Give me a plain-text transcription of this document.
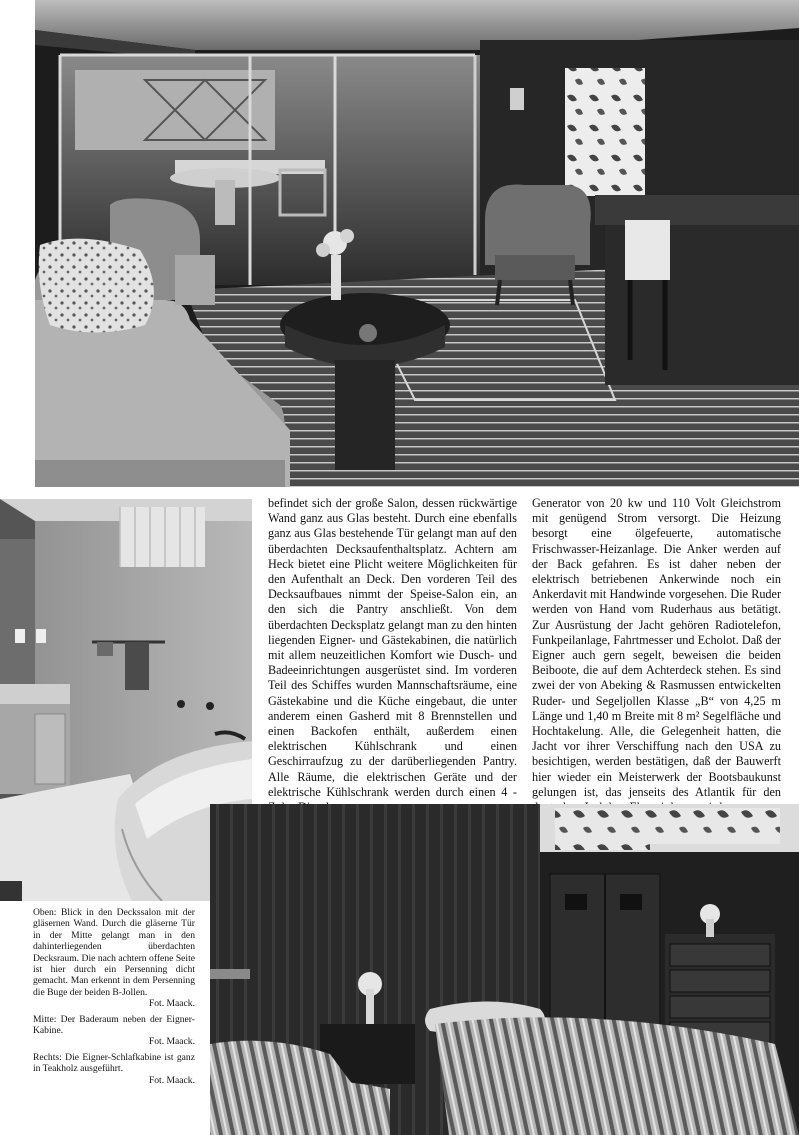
befindet sich der große Salon, dessen rückwärtige Wand ganz aus Glas besteht. Durch eine ebenfalls ganz aus Glas bestehende Tür gelangt man auf den überdachten Decksaufenthaltsplatz. Achtern am Heck bietet eine Plicht weitere Möglichkeiten für den Aufenthalt an Deck. Den vorderen Teil des Decksaufbaues nimmt der Speise-Salon ein, an den sich die Pantry anschließt. Von dem überdachten Decksplatz gelangt man zu den hinten liegenden Eigner- und Gästekabinen, die natürlich mit allem neuzeitlichen Komfort wie Dusch- und Badeeinrichtungen ausgerüstet sind. Im vorderen Teil des Schiffes wurden Mannschaftsräume, eine Gästekabine und die Küche eingebaut, die unter anderem einen Gasherd mit 8 Brennstellen und einen Backofen enthält, außerdem einen elektrischen Kühlschrank und einen Geschirraufzug zu der darüberliegenden Pantry. Alle Räume, die elektrischen Geräte und der elektrische Kühlschrank werden durch einen 4 -

Generator von 20 kw und 110 Volt Gleichstrom mit genügend Strom versorgt. Die Heizung besorgt eine ölgefeuerte, automatische Frischwasser-Heizanlage. Die Anker werden auf der Back gefahren. Es ist daher neben der elektrisch betriebenen Ankerwinde noch ein Ankerdavit mit Handwinde vorgesehen. Die Ruder werden von Hand vom Ruderhaus aus betätigt. Zur Ausrüstung der Jacht gehören Radiotelefon, Funkpeilanlage, Fahrtmesser und Echolot. Daß der Eigner auch gern segelt, beweisen die beiden Beiboote, die auf dem Achterdeck stehen. Es sind zwei der von Abeking & Rasmussen entwickelten Ruder- und Segeljollen Klasse „B“ von 4,25 m Länge und 1,40 m Breite mit 8 m² Segelfläche und Hochtakelung. Alle, die Gelegenheit hatten, die Jacht vor ihrer Verschiffung nach den USA zu besichtigen, werden bestätigen, daß der Bauwerft hier wieder ein Meisterwerk der Bootsbaukunst gelungen ist, das jenseits des Atlantik für den

Oben: Blick in den Deckssalon mit der gläsernen Wand. Durch die gläserne Tür in der Mitte gelangt man in den dahinterliegenden überdachten Decksraum. Die nach achtern offene Seite ist hier durch ein Persenning dicht gemacht. Man erkennt in dem Persenning die Buge der beiden B-Jollen.
Fot. Maack.

Mitte: Der Baderaum neben der Eigner-Kabine.
Fot. Maack.

Rechts: Die Eigner-Schlafkabine ist ganz in Teakholz ausgeführt.
Fot. Maack.
